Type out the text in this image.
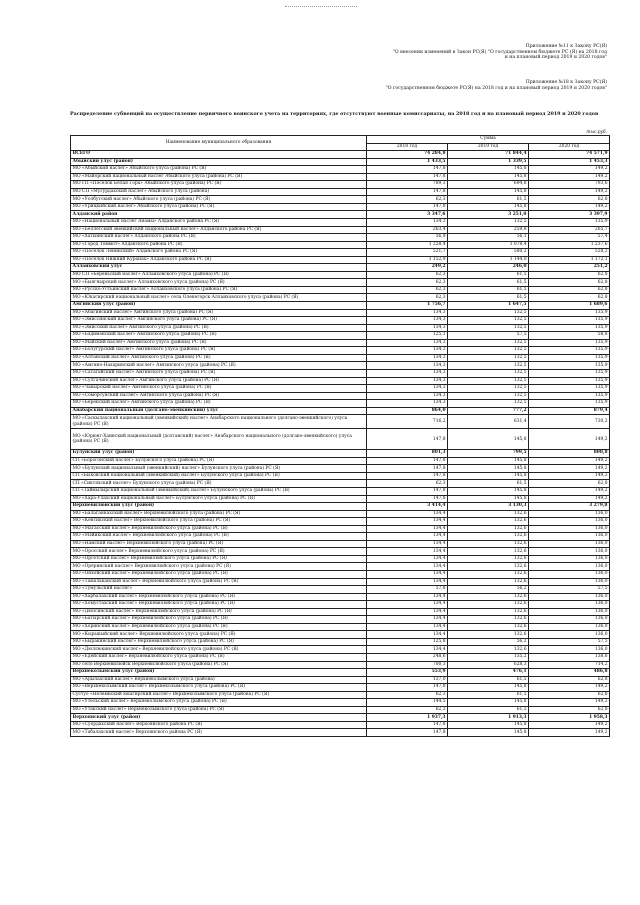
Приложение №11 к Закону РС(Я)
"О внесении изменений в Закон РС(Я) "О государственном бюджете РС (Я) на 2018 год
и на плановый период 2019 и 2020 годов"
Приложение №18 к Закону РС(Я)
"О государственном бюджете РС(Я) на 2018 год и на плановый период 2019 и 2020 годов"
Распределение субвенций на осуществление первичного воинского учета на территориях, где отсутствуют военные комиссариаты, на 2018 год и на плановый период 2019 и 2020 годов
тыс.руб.
Наименование муниципального образования	Сумма		
	2018 год	2019 год	2020 год
ВСЕГО	74 284,8	71 844,4	74 571,9
Абыйский улус (район)	1 433,5	1 339,5	1 453,3
МО «Абыйский наслег» Абыйского улуса (района) РС (Я)	147,8	145,8	149,2
МО «Майорский национальный наслег Абыйского улуса (района) РС (Я)	147,8	145,8	149,2
МО ГП «Поселок Белая Гора» Абыйского улуса (района) РС (Я)	789,3	694,8	793,6
МО СП «Мугурдахский наслег» Абыйского улуса (района)	147,8	145,8	149,2
МО «Уолбутский наслег» Абыйского улуса (района) РС (Я)	62,3	61,5	62,8
МО «Урицкийский наслег» Абыйского улуса (района) РС (Я)	147,8	145,8	149,2
Алданский район	3 347,6	3 251,0	3 397,9
МО «Национальный наслег Анамы» Алданского района РС (Я)	134,3	132,5	135,9
МО «Беллетский эвенкийский национальный наслег» Алданского района РС (Я)	263,4	259,8	265,7
МО «Хатыннский наслег» Алданского района РС (Я)	56,9	56,1	57,4
МО «Город Томмот» Алданского района РС (Я)	1 228,4	1 078,4	1 237,6
МО «Поселок Ленинский» Алданского района РС (Я)	521,7	580,2	528,2
МО «Поселок Нижний Куранах» Алданского района РС (Я)	1 152,9	1 144,0	1 172,1
Аллаиховский улус	249,2	246,0	251,2
МО СП «Береньский наслег» Аллаиховского улуса (района) РС (Я)	62,3	61,5	62,8
МО «Быягнырский наслег» Аллаиховского улуса (района) РС (Я)	62,3	61,5	62,8
МО «Русско-Устьинский наслег» Аллаиховского улуса (района) РС (Я)	62,3	61,5	62,8
МО «Юкагирский национальный наслег» села Оленегорск Аллаиховского улуса (района) РС (Я)	62,3	61,5	62,8
Амгинский улус (район)	1 756,7	1 647,5	1 689,6
МО «Абагинский наслег» Амгинского улуса (района) РС (Я)	134,3	132,5	135,9
МО «Эмиссинский наслег» Амгинского улуса (района) РС (Я)	134,3	132,5	135,9
МО «Эмисский наслег» Амгинского улуса (района) РС (Я)	134,3	132,5	135,9
МО «Бэдимэнский наслег» Амгинского улуса (района) РС (Я)	125,1	57,5	58,8
МО «Майский наслег» Амгинского улуса (района) РС (Я)	134,3	132,5	135,9
МО «Болугурский наслег» Амгинского улуса (района) РС (Я)	134,3	132,5	135,9
МО «Алтанский наслег» Амгинского улуса (района) РС (Я)	134,3	132,5	135,9
МО «Амгино-Нахаринский наслег» Амгинского улуса (района) РС (Я)	134,3	132,5	135,9
МО «Сатагайский наслег» Амгинского улуса (района) РС (Я)	134,3	132,5	135,9
МО «Сулгачинский наслег» Амгинского улуса (района) РС (Я)	134,3	132,5	135,9
МО «Чакырский наслег» Амгинского улуса (района) РС (Я)	134,3	132,5	135,9
МО «Соморсунский наслег» Амгинского улуса (района) РС (Я)	134,3	132,5	135,9
МО «Берёнский наслег» Амгинского улуса (района) РС (Я)	134,3	132,5	135,9
Анабарский национальный (долгано-эвенкийский) улус	864,0	777,2	879,4
МО «Саскылахский национальный (эвенкийский) наслег» Анабарского национального (долгано-эвенкийского) улуса (района) РС (Я)	716,2	631,4	730,2
МО «Юрюнг-Хаинский национальный (долганский) наслег» Анабарского национального (долгано-эвенкийского) улуса (района) РС (Я)	147,8	145,8	149,2
Булунский улус (район)	801,3	799,5	808,8
СП «Борогонский наслег» Булунского улуса (района) РС (Я)	147,8	145,8	149,2
МО «Булунский национальный (эвенкийский) наслег» Булунского улуса (района) РС (Я)	147,8	145,8	149,2
СП «Быковский национальный (эвенкийский) наслег» Булунского улуса (района) РС (Я)	147,8	145,8	149,2
СП «Сиктяхский наслег» Булунского улуса (района) РС (Я)	62,3	61,5	62,8
СП «Таймылырский национальный (эвенкийский) наслег» Булунского улуса (района) РС (Я)	147,8	145,8	149,2
МО «Хара-Улахский национальный наслег» Булунского улуса (района) РС (Я)	147,8	145,8	149,2
Верхневилюйский улус (район)	3 414,4	3 130,3	3 279,8
МО «Балаганнахский наслег» Верхневилюйского улуса (района) РС (Я)	134,4	132,6	136,0
МО «Кентикский наслег» Верхневилюйского улуса (района) РС (Я)	134,4	132,6	136,0
МО «Магасский наслег» Верхневилюйского улуса (района) РС (Я)	134,4	132,6	136,0
МО «Мэйикский наслег» Верхневилюйского улуса (района) РС (Я)	134,4	132,6	136,0
МО «Намский наслег» Верхневилюйского улуса (района) РС (Я)	134,4	132,6	136,0
МО «Оросский наслег» Верхневилюйского улуса (района) РС (Я)	134,4	132,6	136,0
МО «Оргетский наслег» Верхневилюйского улуса (района) РС (Я)	134,4	132,6	136,0
МО «Ореринский наслег» Верхневилюйского улуса (района) РС (Я)	134,4	132,6	136,0
МО «Онхойский наслег» Верхневилюйского улуса (района) РС (Я)	134,4	132,6	136,0
МО «Тамалаканский наслег» Верхневилюйского улуса (района) РС (Я)	134,4	132,6	136,0
МО «Тумульский наслег»	57,8	56,2	57,5
МО «Харбалахский наслег» Верхневилюйского улуса (района) РС (Я)	134,4	132,6	136,0
МО «Хомустахский наслег» Верхневилюйского улуса (района) РС (Я)	134,4	132,6	136,0
МО «Дюпсинский наслег» Верхневилюйского улуса (района) РС (Я)	134,4	132,6	136,0
МО «Батырский наслег» Верхневилюйского улуса (района) РС (Я)	134,4	132,6	136,0
МО «Хоринский наслег» Верхневилюйского улуса (района) РС (Я)	134,4	132,6	136,0
МО «Кырыкыйский наслег» Верхневилюйского улуса (района) РС (Я)	134,4	132,6	136,0
МО «Быракинский наслег» Верхневилюйского улуса (района) РС (Я)	125,8	56,2	57,5
МО «Дюллюкинский наслег» Верхневилюйского улуса (района) РС (Я)	134,4	132,6	136,0
МО «Едейский наслег» Верхневилюйского улуса (района) РС (Я)	248,6	135,2	138,6
МО село Верхневилюйск Верхневилюйского улуса (района) РС (Я)	700,3	628,3	714,2
Верхнеколымский улус (район)	553,9	476,1	486,8
МО «Арылахский наслег» Верхнеколымского улуса (района)	137,0	61,5	62,8
МО «Верхнеколымский наслег» Верхнеколымского улуса (района) РС (Я)	147,8	145,8	149,2
Сустуо «Нелемнский юкагирский наслег» Верхнеколымского улуса (района) РС (Я)	62,3	61,5	62,8
МО «Утельский наслег» Верхнеколымского улуса (района) РС (Я)	144,5	145,8	149,2
МО «Утакский наслег» Верхнеколымского улуса (района) РС (Я)	62,3	61,5	62,8
Верхоянский улус (район)	1 937,3	1 913,3	1 958,3
МО «Суордахский наслег» Верхоянского района РС (Я)	147,8	145,8	149,2
МО «Табалахский наслег» Верхоянского района РС (Я)	147,8	145,8	149,2
